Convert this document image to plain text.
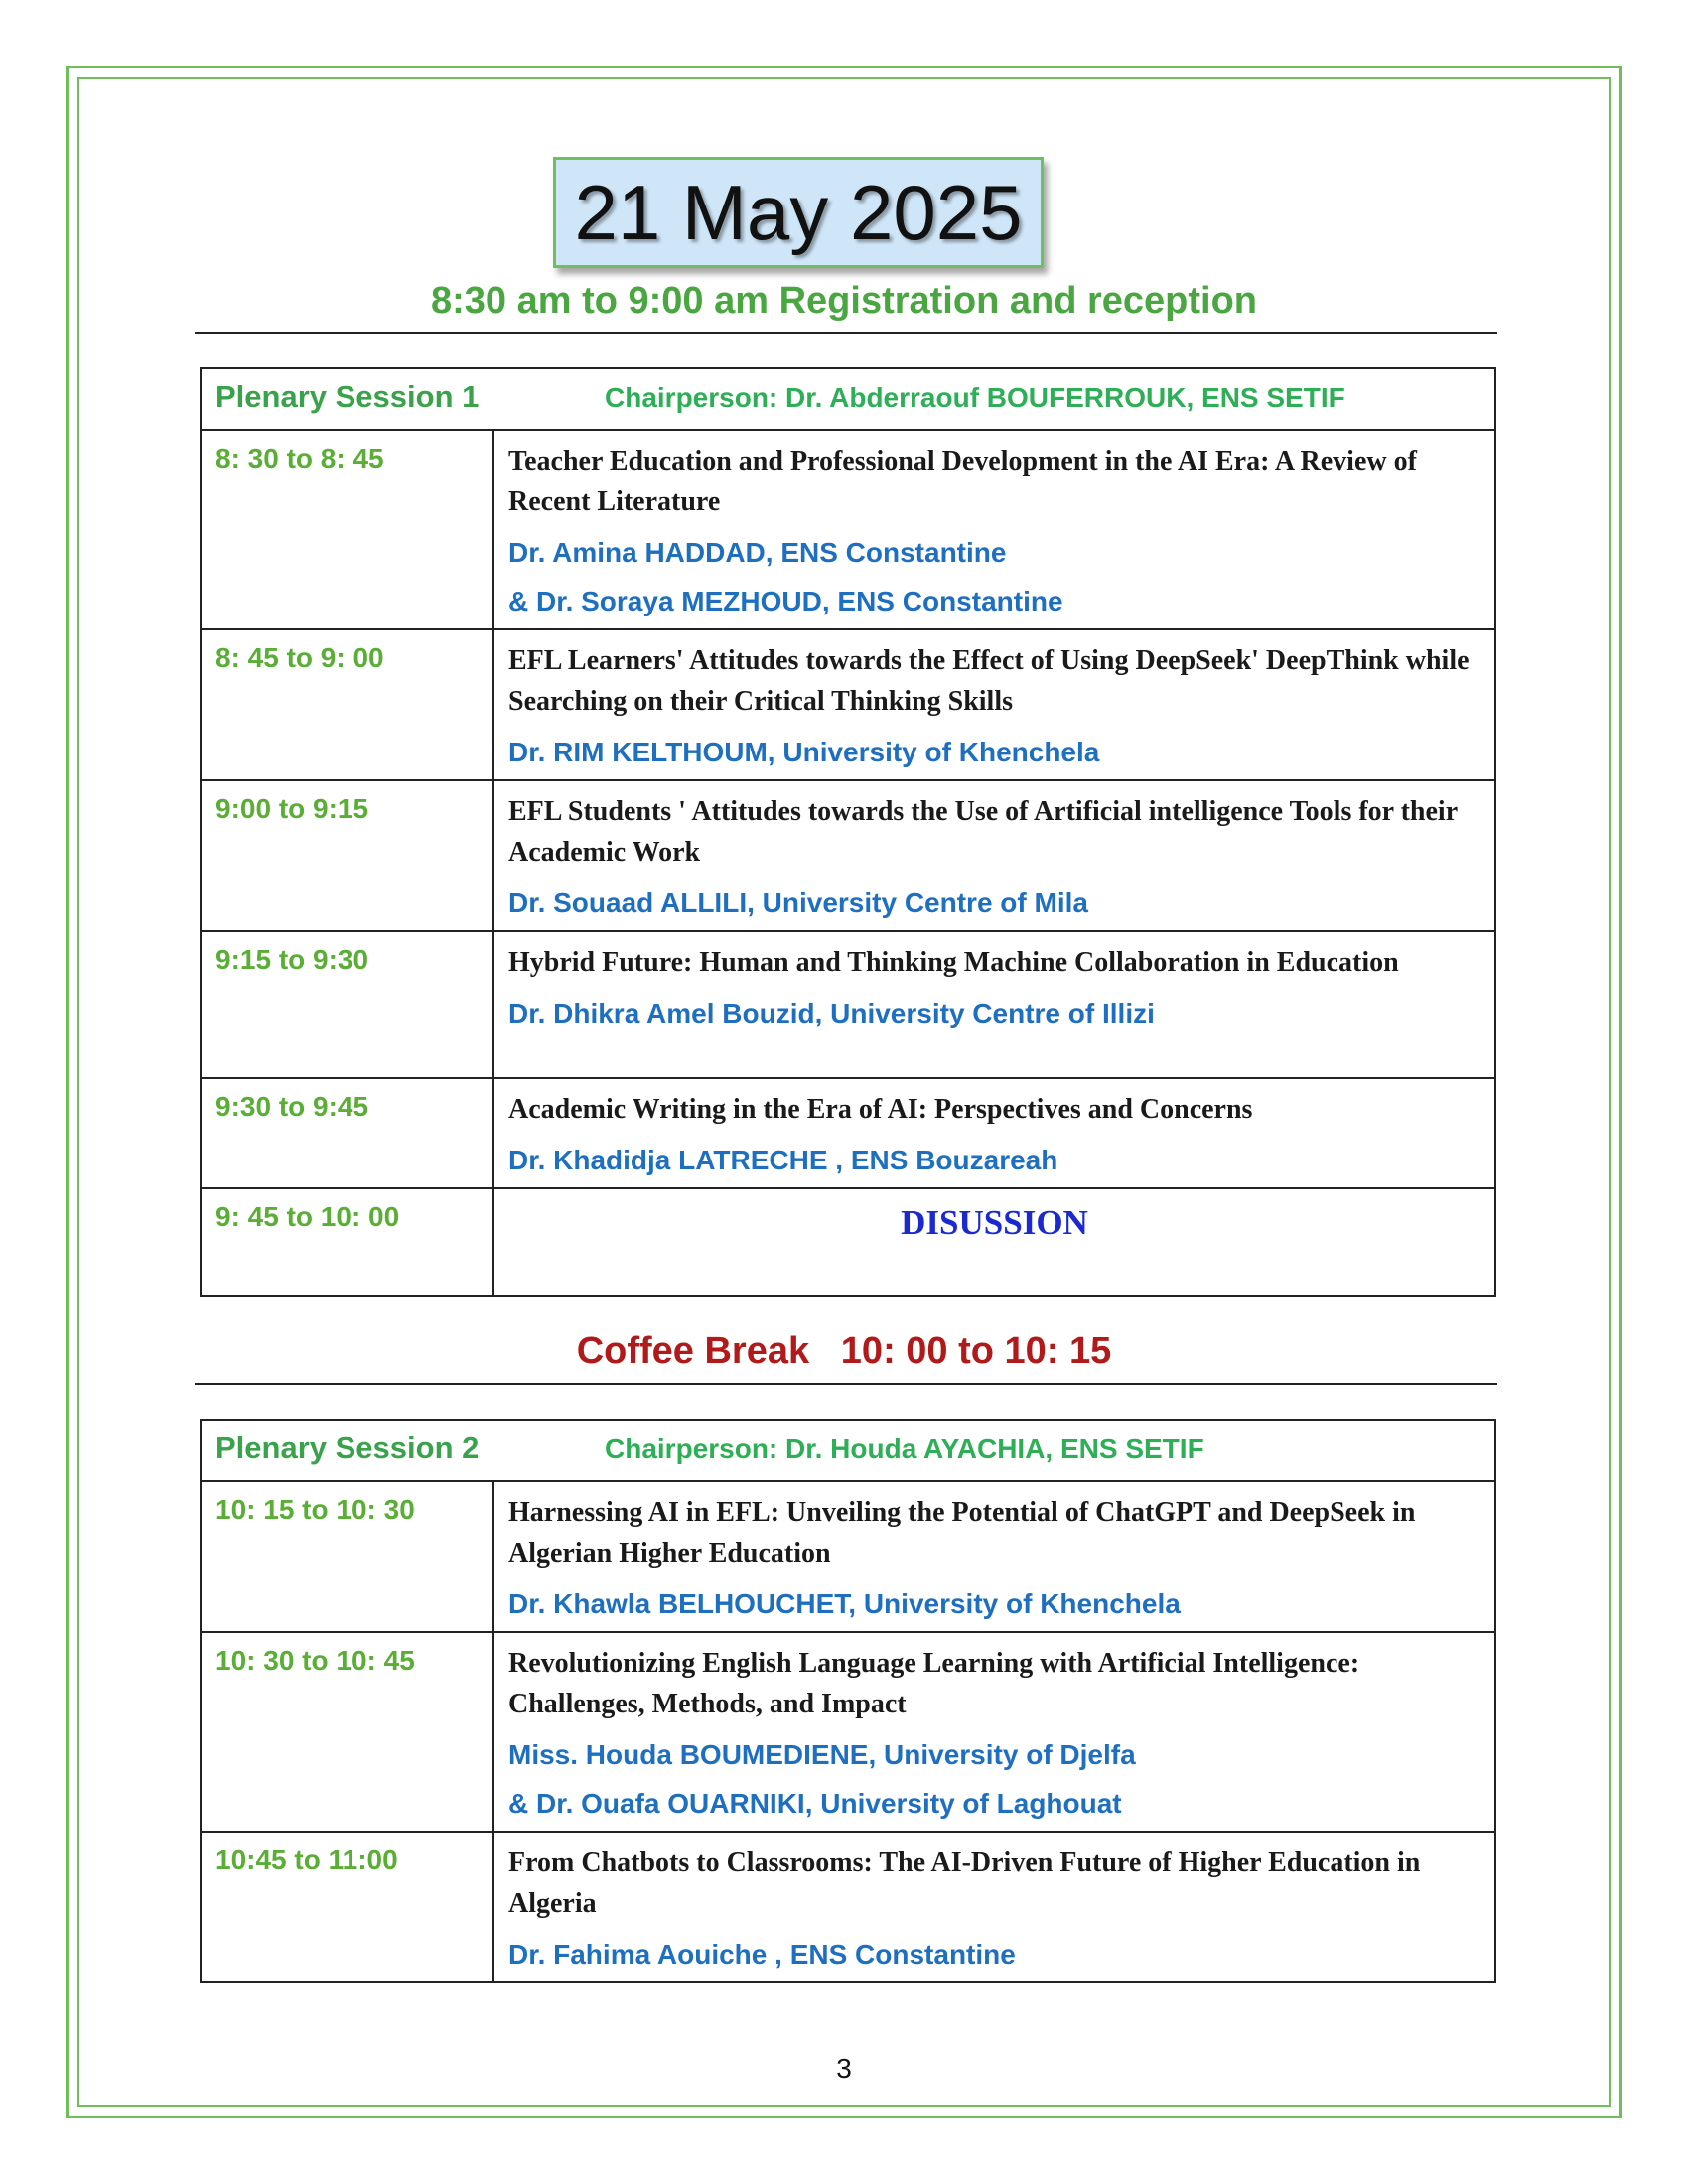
21 May 2025
8:30 am to 9:00 am Registration and reception
Plenary Session 1 Chairperson: Dr. Abderraouf BOUFERROUK, ENS SETIF	

8: 30 to 8: 45	Teacher Education and Professional Development in the AI Era: A Review of Recent Literature
Dr. Amina HADDAD, ENS Constantine
& Dr. Soraya MEZHOUD, ENS Constantine

8: 45 to 9: 00	EFL Learners' Attitudes towards the Effect of Using DeepSeek' DeepThink while Searching on their Critical Thinking Skills
Dr. RIM KELTHOUM, University of Khenchela

9:00 to 9:15	EFL Students ' Attitudes towards the Use of Artificial intelligence Tools for their Academic Work
Dr. Souaad ALLILI, University Centre of Mila

9:15 to 9:30	Hybrid Future: Human and Thinking Machine Collaboration in Education
Dr. Dhikra Amel Bouzid, University Centre of Illizi

9:30 to 9:45	Academic Writing in the Era of AI: Perspectives and Concerns
Dr. Khadidja LATRECHE , ENS Bouzareah

9: 45 to 10: 00	DISUSSION
Coffee Break   10: 00 to 10: 15
Plenary Session 2 Chairperson: Dr. Houda AYACHIA, ENS SETIF	

10: 15 to 10: 30	Harnessing AI in EFL: Unveiling the Potential of ChatGPT and DeepSeek in Algerian Higher Education
Dr. Khawla BELHOUCHET, University of Khenchela

10: 30 to 10: 45	Revolutionizing English Language Learning with Artificial Intelligence: Challenges, Methods, and Impact
Miss. Houda BOUMEDIENE, University of Djelfa
& Dr. Ouafa OUARNIKI, University of Laghouat

10:45 to 11:00	From Chatbots to Classrooms: The AI-Driven Future of Higher Education in Algeria
Dr. Fahima Aouiche , ENS Constantine
3
